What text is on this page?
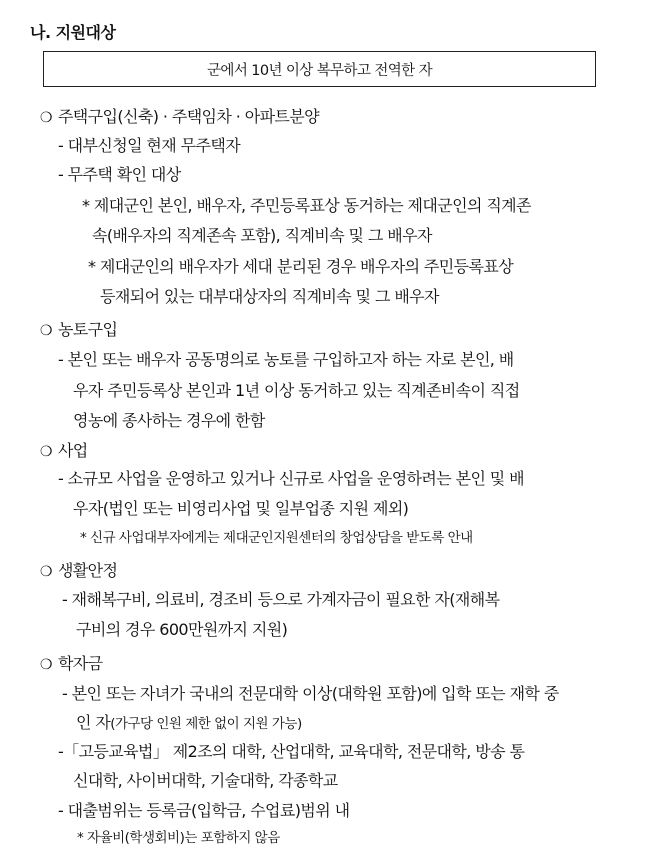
나. 지원대상
군에서 10년 이상 복무하고 전역한 자
❍ 주택구입(신축) · 주택임차 · 아파트분양
- 대부신청일 현재 무주택자
- 무주택 확인 대상
* 제대군인 본인, 배우자, 주민등록표상 동거하는 제대군인의 직계존
속(배우자의 직계존속 포함), 직계비속 및 그 배우자
* 제대군인의 배우자가 세대 분리된 경우 배우자의 주민등록표상
등재되어 있는 대부대상자의 직계비속 및 그 배우자
❍ 농토구입
- 본인 또는 배우자 공동명의로 농토를 구입하고자 하는 자로 본인, 배
우자 주민등록상 본인과 1년 이상 동거하고 있는 직계존비속이 직접
영농에 종사하는 경우에 한함
❍ 사업
- 소규모 사업을 운영하고 있거나 신규로 사업을 운영하려는 본인 및 배
우자(법인 또는 비영리사업 및 일부업종 지원 제외)
* 신규 사업대부자에게는 제대군인지원센터의 창업상담을 받도록 안내
❍ 생활안정
- 재해복구비, 의료비, 경조비 등으로 가계자금이 필요한 자(재해복
구비의 경우 600만원까지 지원)
❍ 학자금
- 본인 또는 자녀가 국내의 전문대학 이상(대학원 포함)에 입학 또는 재학 중
인 자(가구당 인원 제한 없이 지원 가능)
-「고등교육법」 제2조의 대학, 산업대학, 교육대학, 전문대학, 방송 통
신대학, 사이버대학, 기술대학, 각종학교
- 대출범위는 등록금(입학금, 수업료)범위 내
* 자율비(학생회비)는 포함하지 않음
